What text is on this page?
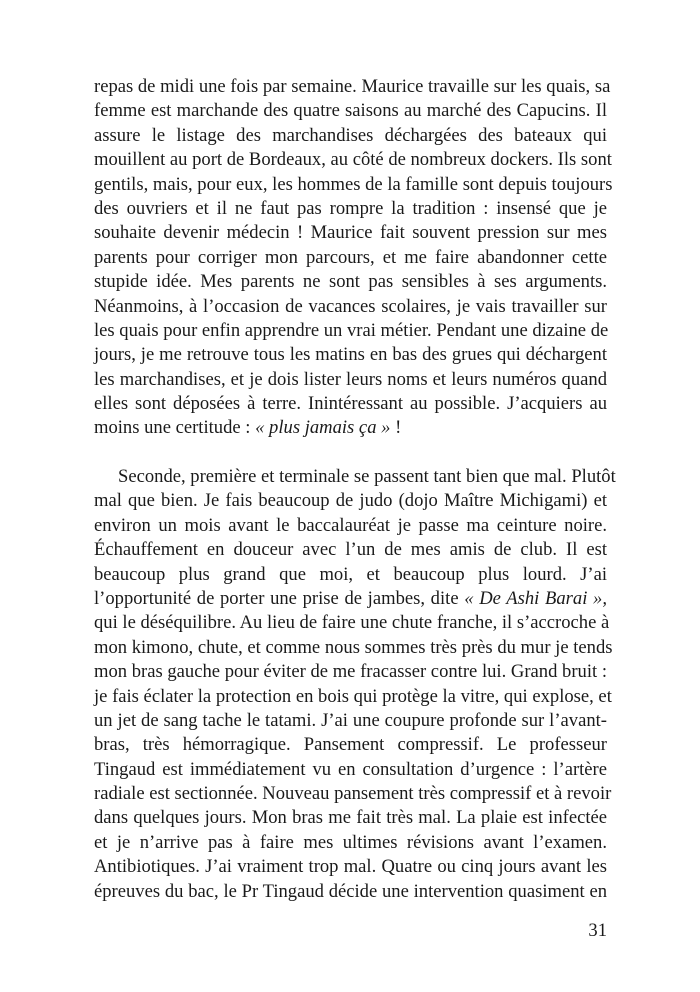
repas de midi une fois par semaine. Maurice travaille sur les quais, sa
femme est marchande des quatre saisons au marché des Capucins. Il
assure le listage des marchandises déchargées des bateaux qui
mouillent au port de Bordeaux, au côté de nombreux dockers. Ils sont
gentils, mais, pour eux, les hommes de la famille sont depuis toujours
des ouvriers et il ne faut pas rompre la tradition : insensé que je
souhaite devenir médecin ! Maurice fait souvent pression sur mes
parents pour corriger mon parcours, et me faire abandonner cette
stupide idée. Mes parents ne sont pas sensibles à ses arguments.
Néanmoins, à l’occasion de vacances scolaires, je vais travailler sur
les quais pour enfin apprendre un vrai métier. Pendant une dizaine de
jours, je me retrouve tous les matins en bas des grues qui déchargent
les marchandises, et je dois lister leurs noms et leurs numéros quand
elles sont déposées à terre. Inintéressant au possible. J’acquiers au
moins une certitude : « plus jamais ça » !
Seconde, première et terminale se passent tant bien que mal. Plutôt
mal que bien. Je fais beaucoup de judo (dojo Maître Michigami) et
environ un mois avant le baccalauréat je passe ma ceinture noire.
Échauffement en douceur avec l’un de mes amis de club. Il est
beaucoup plus grand que moi, et beaucoup plus lourd. J’ai
l’opportunité de porter une prise de jambes, dite « De Ashi Barai »,
qui le déséquilibre. Au lieu de faire une chute franche, il s’accroche à
mon kimono, chute, et comme nous sommes très près du mur je tends
mon bras gauche pour éviter de me fracasser contre lui. Grand bruit :
je fais éclater la protection en bois qui protège la vitre, qui explose, et
un jet de sang tache le tatami. J’ai une coupure profonde sur l’avant-
bras, très hémorragique. Pansement compressif. Le professeur
Tingaud est immédiatement vu en consultation d’urgence : l’artère
radiale est sectionnée. Nouveau pansement très compressif et à revoir
dans quelques jours. Mon bras me fait très mal. La plaie est infectée
et je n’arrive pas à faire mes ultimes révisions avant l’examen.
Antibiotiques. J’ai vraiment trop mal. Quatre ou cinq jours avant les
épreuves du bac, le Pr Tingaud décide une intervention quasiment en
31
